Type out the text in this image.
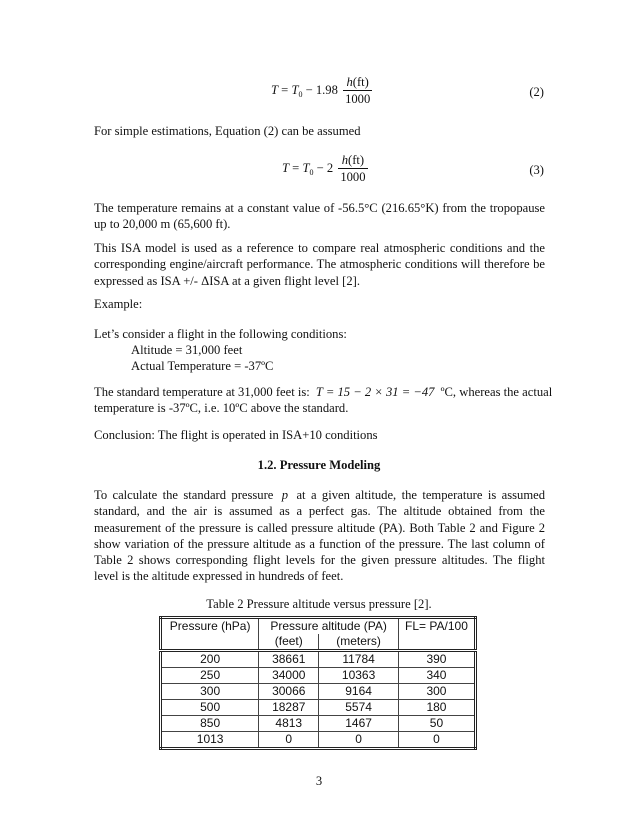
$T = T_0 - 1.98 \frac{h(ft)}{1000}$	(2)

For simple estimations, Equation (2) can be assumed

$T = T_0 - 2 \frac{h(ft)}{1000}$	(3)

The temperature remains at a constant value of -56.5°C (216.65°K) from the tropopause up to 20,000 m (65,600 ft).

This ISA model is used as a reference to compare real atmospheric conditions and the corresponding engine/aircraft performance. The atmospheric conditions will therefore be expressed as ISA +/- ΔISA at a given flight level [2].

Example:

Let’s consider a flight in the following conditions:

Altitude = 31,000 feet

Actual Temperature = -37ºC

The standard temperature at 31,000 feet is: T = 15 − 2 × 31 = −47 ºC, whereas the actual

temperature is -37ºC, i.e. 10ºC above the standard.

Conclusion: The flight is operated in ISA+10 conditions

1.2. Pressure Modeling

To calculate the standard pressure p at a given altitude, the temperature is assumed standard, and the air is assumed as a perfect gas. The altitude obtained from the measurement of the pressure is called pressure altitude (PA). Both Table 2 and Figure 2 show variation of the pressure altitude as a function of the pressure. The last column of Table 2 shows corresponding flight levels for the given pressure altitudes. The flight level is the altitude expressed in hundreds of feet.

Table 2 Pressure altitude versus pressure [2].

Pressure (hPa)	Pressure altitude (PA)		FL= PA/100
	(feet)	(meters)	
200	38661	11784	390
250	34000	10363	340
300	30066	9164	300
500	18287	5574	180
850	4813	1467	50
1013	0	0	0
3
